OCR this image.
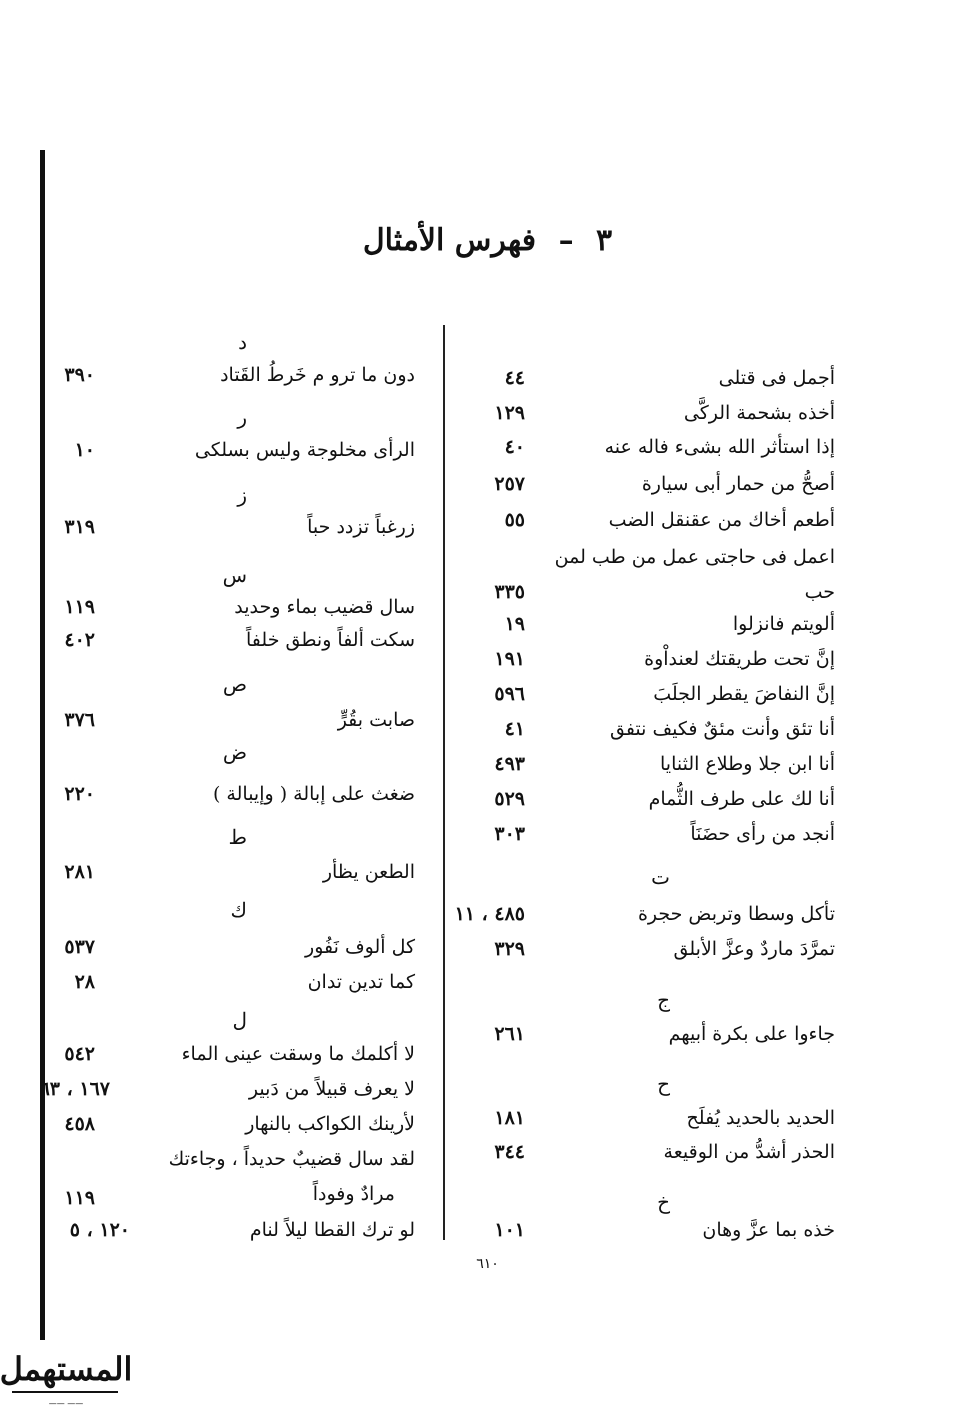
٣ – فهرس الأمثال
أجمل فى قتلى
٤٤
أخذه بشحمة الركَّى
١٢٩
إذا استأثر الله بشىء فاله عنه
٤٠
أصحُّ من حمار أبى سيارة
٢٥٧
أطعم أخاك من عقنقل الضب
٥٥
اعمل فى حاجتى عمل من طب لمن
حب
٣٣٥
ألويتم فانزلوا
١٩
إنَّ تحت طريقتك لعنداْوة
١٩١
إنَّ النفاضَ يقطر الجلَبَ
٥٩٦
أنا تئق وأنت مئقٌ فكيف نتفق
٤١
أنا ابن جلا وطلاع الثنايا
٤٩٣
أنا لك على طرف الثُّمام
٥٢٩
أنجد من رأى حضَنَاً
٣٠٣
ت
تأكل وسطا وتربض حجرة
٤٨٥ ، ١١
تمرَّدَ ماردٌ وعزَّ الأبلق
٣٢٩
ج
جاءوا على بكرة أبيهم
٢٦١
ح
الحديد بالحديد يُفلَح
١٨١
الحذر أشدُّ من الوقيعة
٣٤٤
خ
خذه بما عزَّ وهان
١٠١
د
دون ما ترو م خَرطُ القَتاد
٣٩٠
ر
الرأى مخلوجة وليس بسلكى
١٠
ز
زرغباً تزدد حباً
٣١٩
س
سال قضيب بماء وحديد
١١٩
سكت ألفاً ونطق خلفاً
٤٠٢
ص
صابت بقُرٍّ
٣٧٦
ض
ضغث على إبالة ( وإيبالة )
٢٢٠
ط
الطعن يظأر
٢٨١
ك
كل ألوف نَفُور
٥٣٧
كما تدين تدان
٢٨
ل
لا أكلمك ما وسقت عينى الماء
٥٤٢
لا يعرف قبيلاً من دَبير
١٦٧ ، ٦٣
لأرينك الكواكب بالنهار
٤٥٨
لقد سال قضيبٌ حديداً ، وجاءتك
مرادٌ وفوداً
١١٩
لو ترك القطا ليلاً لنام
١٢٠ ، ٥
٦١٠
المستهمل
—— ——
